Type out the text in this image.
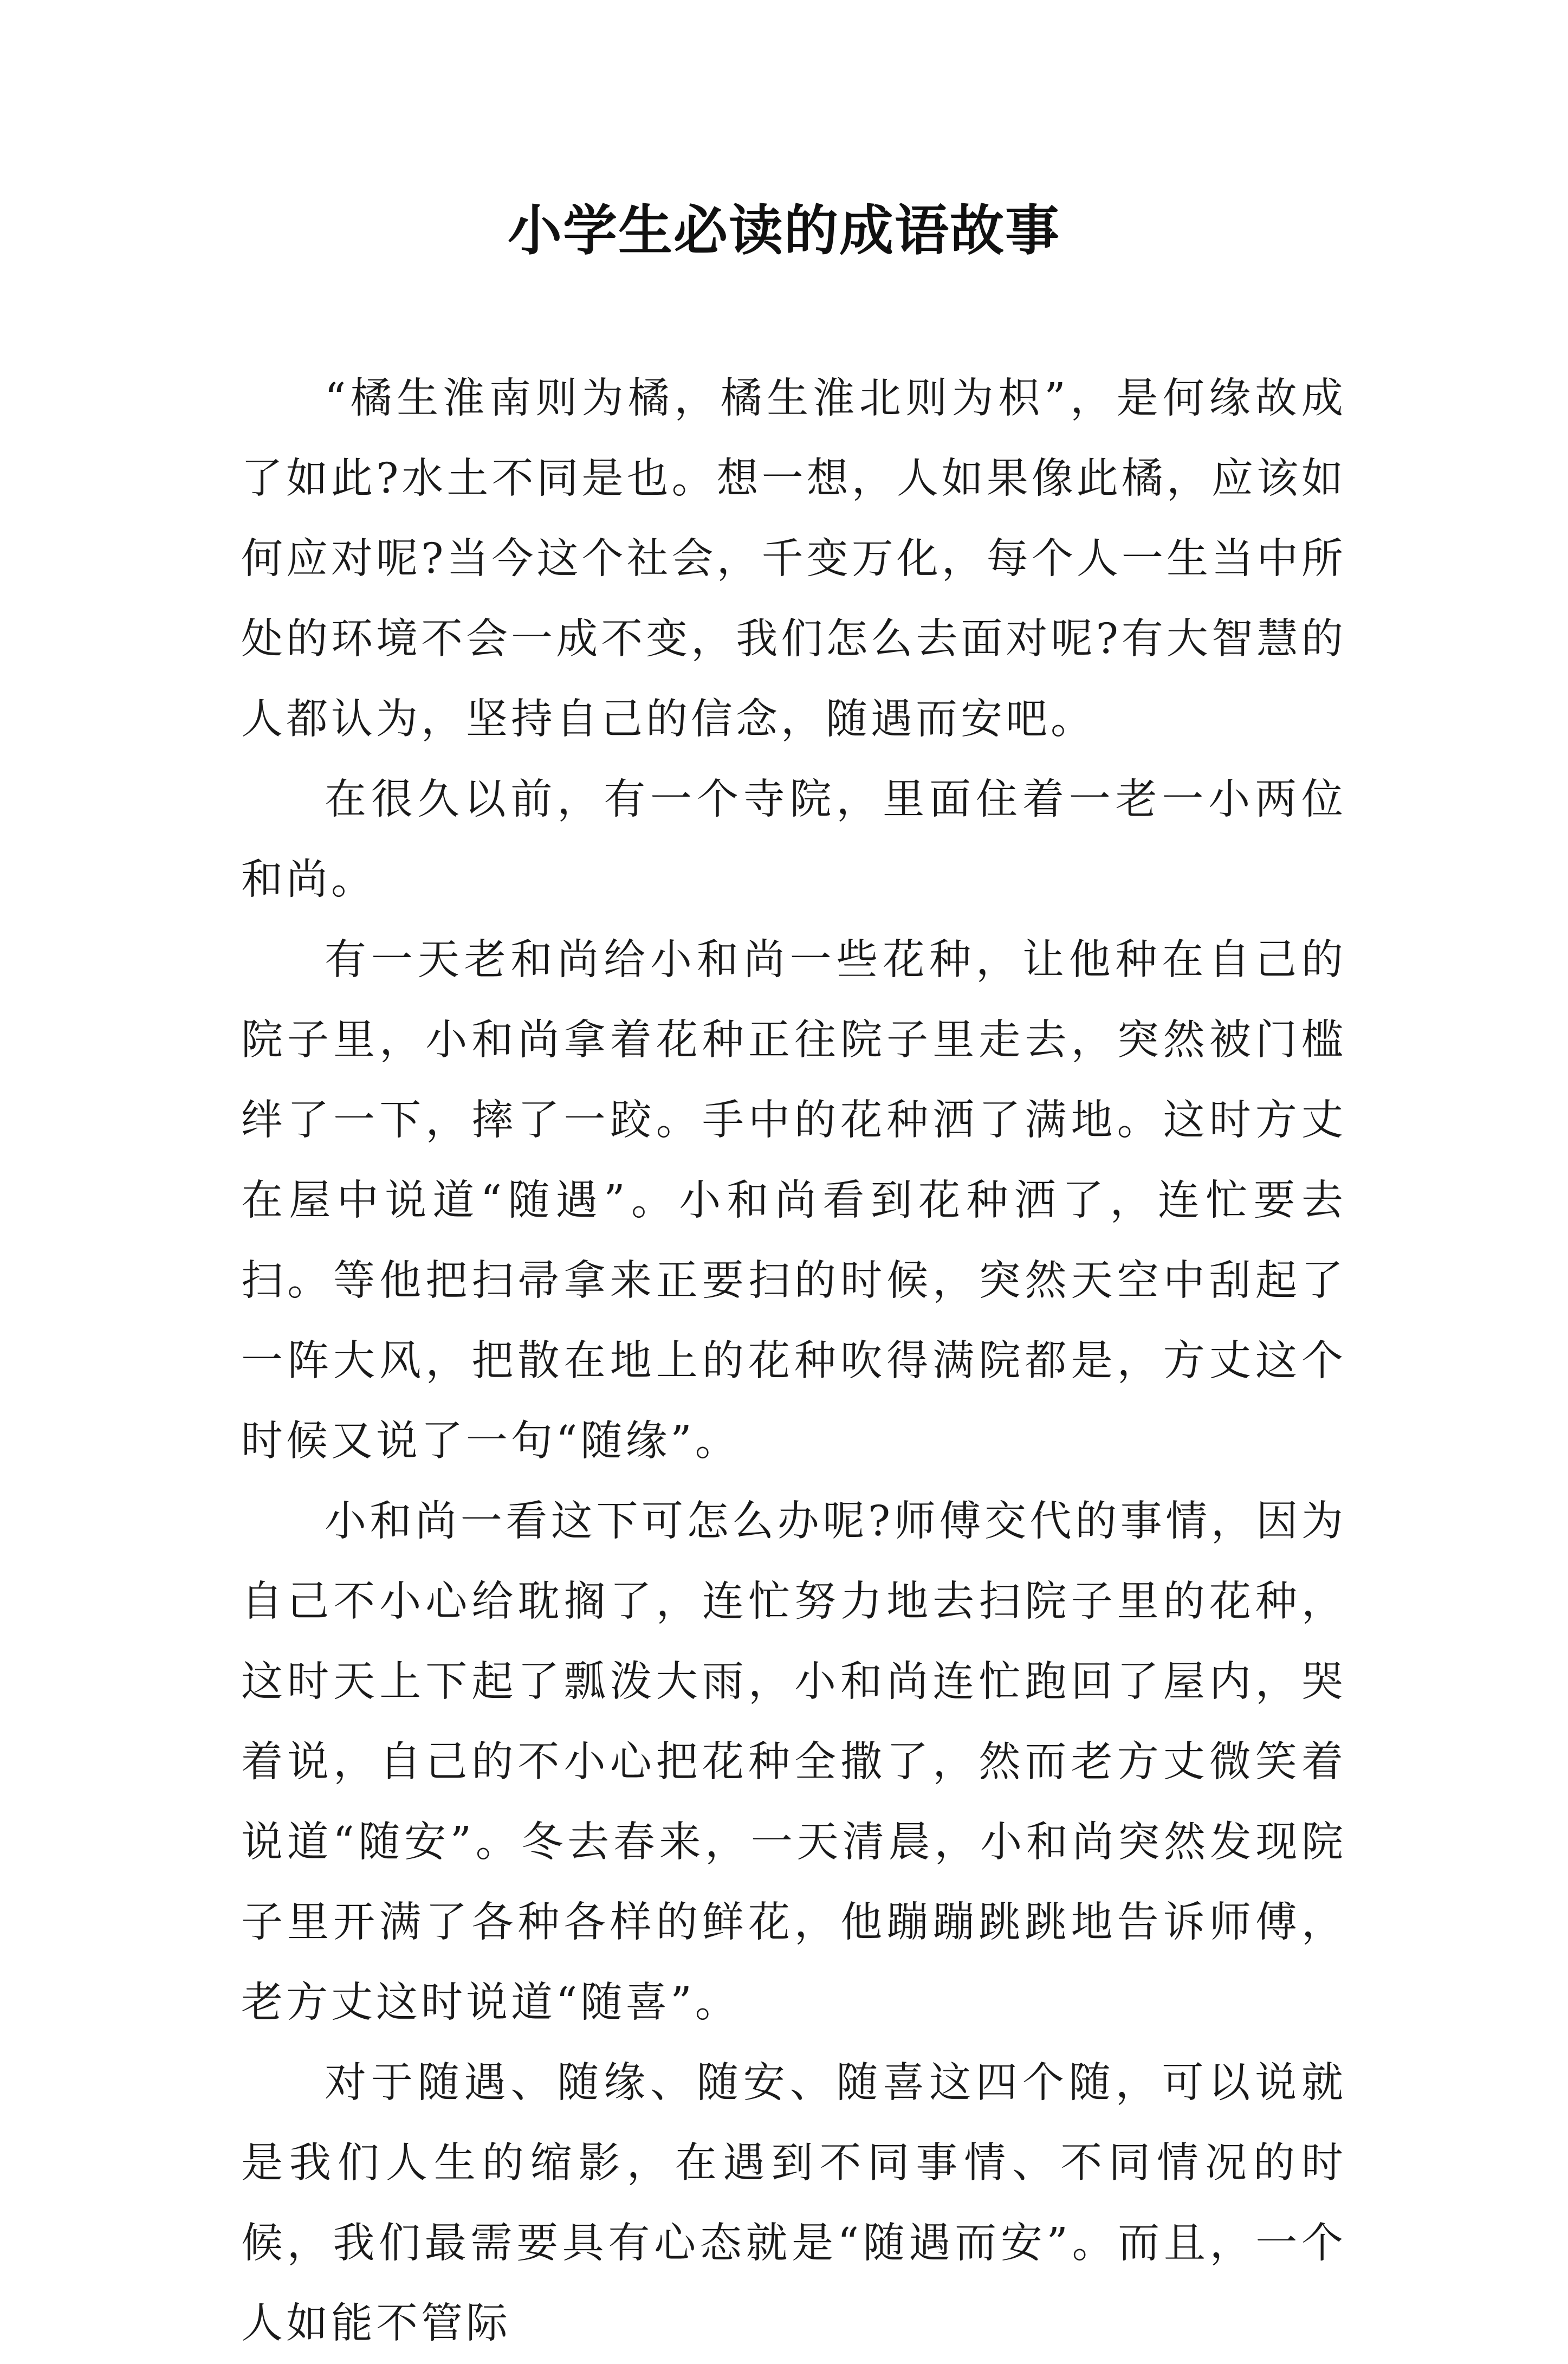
小学生必读的成语故事

“橘生淮南则为橘，橘生淮北则为枳”，是何缘故成了如此?水土不同是也。想一想，人如果像此橘，应该如何应对呢?当今这个社会，千变万化，每个人一生当中所处的环境不会一成不变，我们怎么去面对呢?有大智慧的人都认为，坚持自己的信念，随遇而安吧。

在很久以前，有一个寺院，里面住着一老一小两位和尚。

有一天老和尚给小和尚一些花种，让他种在自己的院子里，小和尚拿着花种正往院子里走去，突然被门槛绊了一下，摔了一跤。手中的花种洒了满地。这时方丈在屋中说道“随遇”。小和尚看到花种洒了，连忙要去扫。等他把扫帚拿来正要扫的时候，突然天空中刮起了一阵大风，把散在地上的花种吹得满院都是，方丈这个时候又说了一句“随缘”。

小和尚一看这下可怎么办呢?师傅交代的事情，因为自己不小心给耽搁了，连忙努力地去扫院子里的花种，这时天上下起了瓢泼大雨，小和尚连忙跑回了屋内，哭着说，自己的不小心把花种全撒了，然而老方丈微笑着说道“随安”。冬去春来，一天清晨，小和尚突然发现院子里开满了各种各样的鲜花，他蹦蹦跳跳地告诉师傅，老方丈这时说道“随喜”。

对于随遇、随缘、随安、随喜这四个随，可以说就是我们人生的缩影，在遇到不同事情、不同情况的时候，我们最需要具有心态就是“随遇而安”。而且，一个人如能不管际
